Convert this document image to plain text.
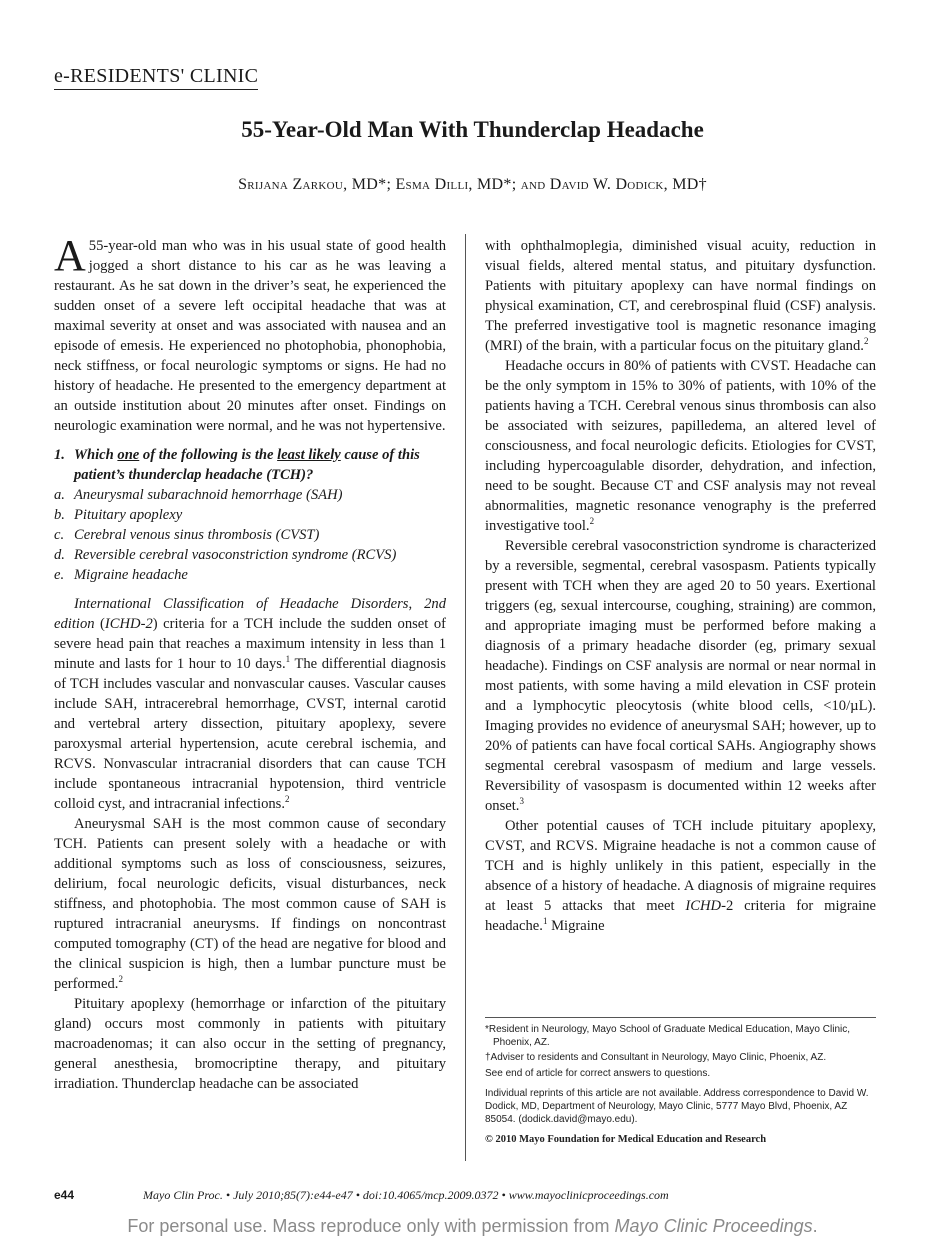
e-RESIDENTS' CLINIC
55-Year-Old Man With Thunderclap Headache
Srijana Zarkou, MD*; Esma Dilli, MD*; and David W. Dodick, MD†

A 55-year-old man who was in his usual state of good health jogged a short distance to his car as he was leaving a restaurant. As he sat down in the driver’s seat, he experienced the sudden onset of a severe left occipital headache that was at maximal severity at onset and was associated with nausea and an episode of emesis. He experienced no photophobia, phonophobia, neck stiffness, or focal neurologic symptoms or signs. He had no history of headache. He presented to the emergency department at an outside institution about 20 minutes after onset. Findings on neurologic examination were normal, and he was not hypertensive.

1. Which one of the following is the least likely cause of this patient’s thunderclap headache (TCH)?
a. Aneurysmal subarachnoid hemorrhage (SAH)
b. Pituitary apoplexy
c. Cerebral venous sinus thrombosis (CVST)
d. Reversible cerebral vasoconstriction syndrome (RCVS)
e. Migraine headache

International Classification of Headache Disorders, 2nd edition (ICHD-2) criteria for a TCH include the sudden onset of severe head pain that reaches a maximum intensity in less than 1 minute and lasts for 1 hour to 10 days.$^1$ The differential diagnosis of TCH includes vascular and nonvascular causes. Vascular causes include SAH, intracerebral hemorrhage, CVST, internal carotid and vertebral artery dissection, pituitary apoplexy, severe paroxysmal arterial hypertension, acute cerebral ischemia, and RCVS. Nonvascular intracranial disorders that can cause TCH include spontaneous intracranial hypotension, third ventricle colloid cyst, and intracranial infections.$^2$

Aneurysmal SAH is the most common cause of secondary TCH. Patients can present solely with a headache or with additional symptoms such as loss of consciousness, seizures, delirium, focal neurologic deficits, visual disturbances, neck stiffness, and photophobia. The most common cause of SAH is ruptured intracranial aneurysms. If findings on noncontrast computed tomography (CT) of the head are negative for blood and the clinical suspicion is high, then a lumbar puncture must be performed.$^2$

Pituitary apoplexy (hemorrhage or infarction of the pituitary gland) occurs most commonly in patients with pituitary macroadenomas; it can also occur in the setting of pregnancy, general anesthesia, bromocriptine therapy, and pituitary irradiation. Thunderclap headache can be associated

with ophthalmoplegia, diminished visual acuity, reduction in visual fields, altered mental status, and pituitary dysfunction. Patients with pituitary apoplexy can have normal findings on physical examination, CT, and cerebrospinal fluid (CSF) analysis. The preferred investigative tool is magnetic resonance imaging (MRI) of the brain, with a particular focus on the pituitary gland.$^2$

Headache occurs in 80% of patients with CVST. Headache can be the only symptom in 15% to 30% of patients, with 10% of the patients having a TCH. Cerebral venous sinus thrombosis can also be associated with seizures, papilledema, an altered level of consciousness, and focal neurologic deficits. Etiologies for CVST, including hypercoagulable disorder, dehydration, and infection, need to be sought. Because CT and CSF analysis may not reveal abnormalities, magnetic resonance venography is the preferred investigative tool.$^2$

Reversible cerebral vasoconstriction syndrome is characterized by a reversible, segmental, cerebral vasospasm. Patients typically present with TCH when they are aged 20 to 50 years. Exertional triggers (eg, sexual intercourse, coughing, straining) are common, and appropriate imaging must be performed before making a diagnosis of a primary headache disorder (eg, primary sexual headache). Findings on CSF analysis are normal or near normal in most patients, with some having a mild elevation in CSF protein and a lymphocytic pleocytosis (white blood cells, <10/µL). Imaging provides no evidence of aneurysmal SAH; however, up to 20% of patients can have focal cortical SAHs. Angiography shows segmental cerebral vasospasm of medium and large vessels. Reversibility of vasospasm is documented within 12 weeks after onset.$^3$

Other potential causes of TCH include pituitary apoplexy, CVST, and RCVS. Migraine headache is not a common cause of TCH and is highly unlikely in this patient, especially in the absence of a history of headache. A diagnosis of migraine requires at least 5 attacks that meet ICHD-2 criteria for migraine headache.$^1$ Migraine

*Resident in Neurology, Mayo School of Graduate Medical Education, Mayo Clinic, Phoenix, AZ.

†Adviser to residents and Consultant in Neurology, Mayo Clinic, Phoenix, AZ.

See end of article for correct answers to questions.

Individual reprints of this article are not available. Address correspondence to David W. Dodick, MD, Department of Neurology, Mayo Clinic, 5777 Mayo Blvd, Phoenix, AZ 85054. (dodick.david@mayo.edu).

© 2010 Mayo Foundation for Medical Education and Research

e44	Mayo Clin Proc. • July 2010;85(7):e44-e47 • doi:10.4065/mcp.2009.0372 • www.mayoclinicproceedings.com
For personal use. Mass reproduce only with permission from Mayo Clinic Proceedings.
